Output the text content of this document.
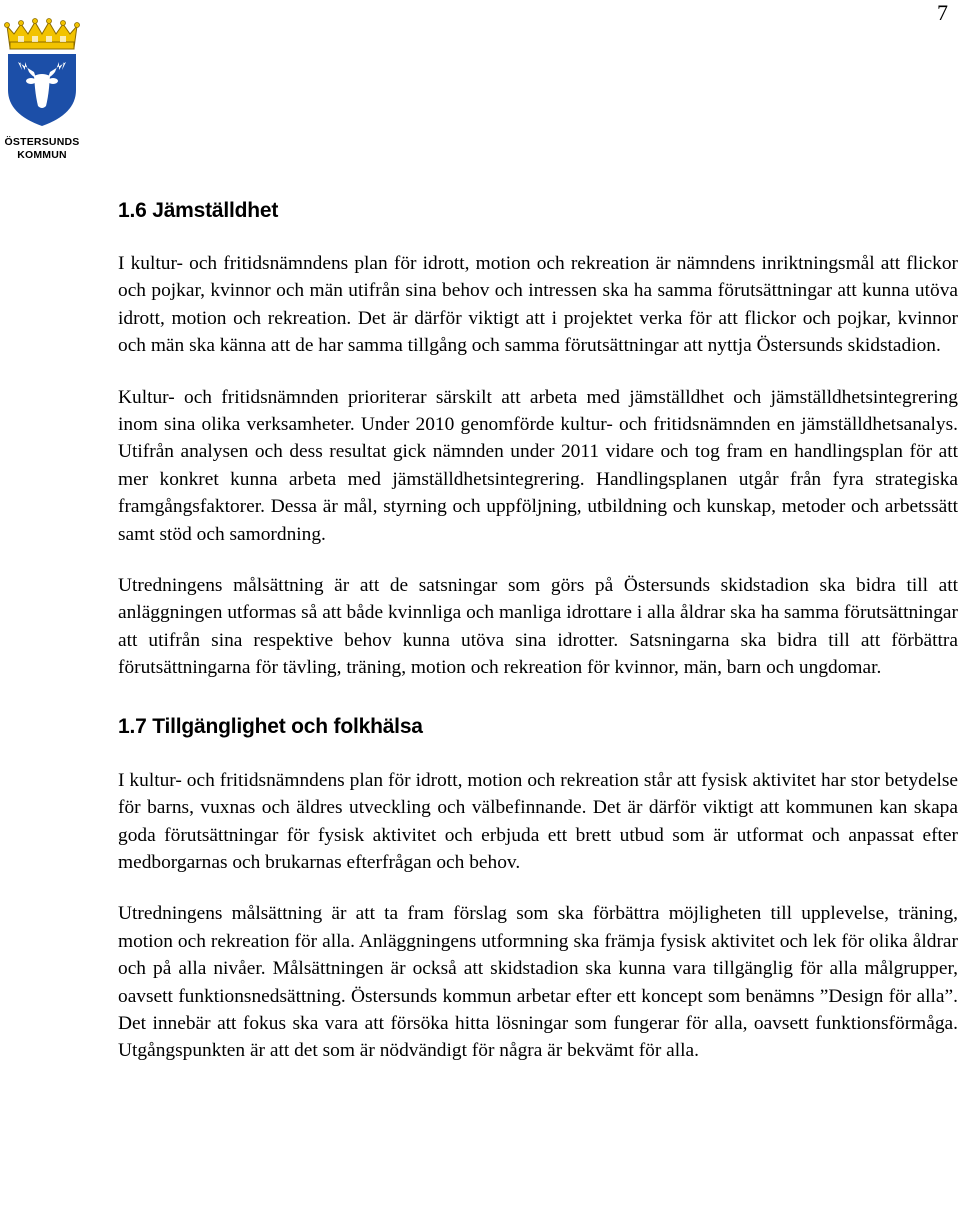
7
ÖSTERSUNDS
KOMMUN
1.6 Jämställdhet

I kultur- och fritidsnämndens plan för idrott, motion och rekreation är nämndens inriktningsmål att flickor och pojkar, kvinnor och män utifrån sina behov och intressen ska ha samma förutsättningar att kunna utöva idrott, motion och rekreation. Det är därför viktigt att i projektet verka för att flickor och pojkar, kvinnor och män ska känna att de har samma tillgång och samma förutsättningar att nyttja Östersunds skidstadion.

Kultur- och fritidsnämnden prioriterar särskilt att arbeta med jämställdhet och jämställdhetsintegrering inom sina olika verksamheter. Under 2010 genomförde kultur- och fritidsnämnden en jämställdhetsanalys. Utifrån analysen och dess resultat gick nämnden under 2011 vidare och tog fram en handlingsplan för att mer konkret kunna arbeta med jämställdhetsintegrering. Handlingsplanen utgår från fyra strategiska framgångsfaktorer. Dessa är mål, styrning och uppföljning, utbildning och kunskap, metoder och arbetssätt samt stöd och samordning.

Utredningens målsättning är att de satsningar som görs på Östersunds skidstadion ska bidra till att anläggningen utformas så att både kvinnliga och manliga idrottare i alla åldrar ska ha samma förutsättningar att utifrån sina respektive behov kunna utöva sina idrotter. Satsningarna ska bidra till att förbättra förutsättningarna för tävling, träning, motion och rekreation för kvinnor, män, barn och ungdomar.

1.7 Tillgänglighet och folkhälsa

I kultur- och fritidsnämndens plan för idrott, motion och rekreation står att fysisk aktivitet har stor betydelse för barns, vuxnas och äldres utveckling och välbefinnande. Det är därför viktigt att kommunen kan skapa goda förutsättningar för fysisk aktivitet och erbjuda ett brett utbud som är utformat och anpassat efter medborgarnas och brukarnas efterfrågan och behov.

Utredningens målsättning är att ta fram förslag som ska förbättra möjligheten till upplevelse, träning, motion och rekreation för alla. Anläggningens utformning ska främja fysisk aktivitet och lek för olika åldrar och på alla nivåer. Målsättningen är också att skidstadion ska kunna vara tillgänglig för alla målgrupper, oavsett funktionsnedsättning. Östersunds kommun arbetar efter ett koncept som benämns ”Design för alla”. Det innebär att fokus ska vara att försöka hitta lösningar som fungerar för alla, oavsett funktionsförmåga. Utgångspunkten är att det som är nödvändigt för några är bekvämt för alla.
